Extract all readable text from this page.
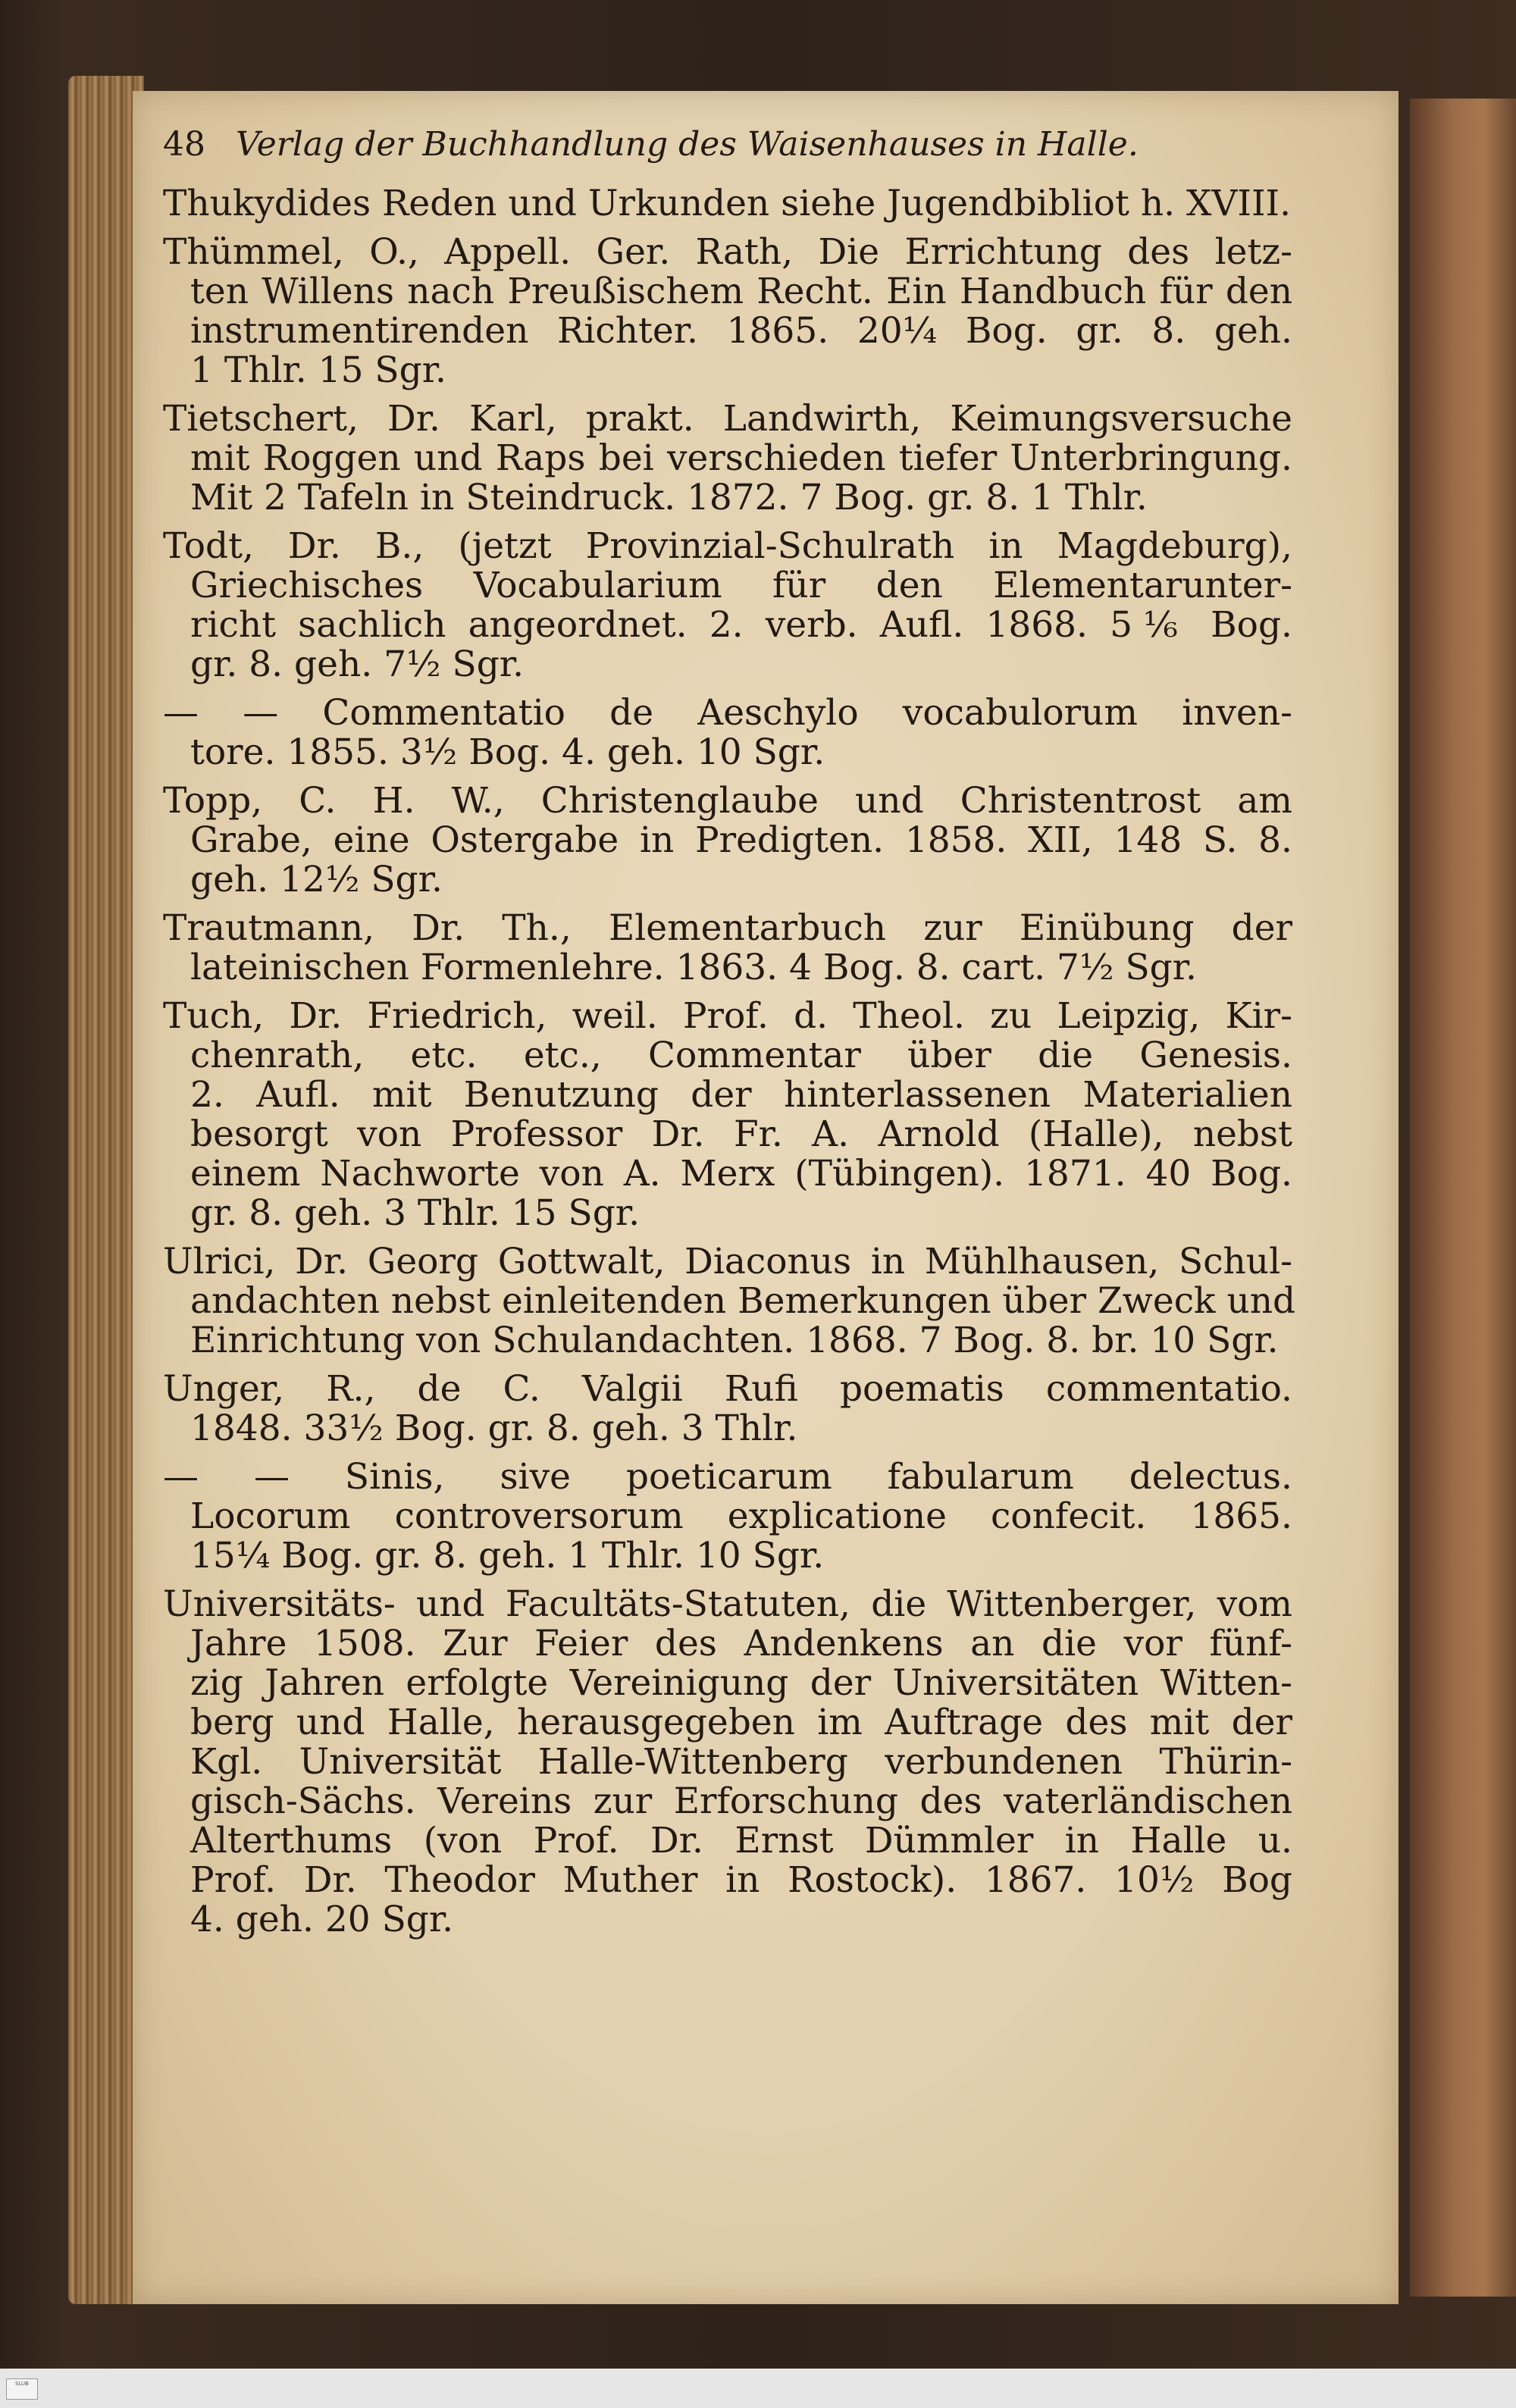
48 Verlag der Buchhandlung des Waisenhauses in Halle.
Thukydides Reden und Urkunden siehe Jugendbibliot h. XVIII.
Thümmel, O., Appell. Ger. Rath, Die Errichtung des letz-
ten Willens nach Preußischem Recht. Ein Handbuch für den
instrumentirenden Richter. 1865. 20¼ Bog. gr. 8. geh.
1 Thlr. 15 Sgr.
Tietschert, Dr. Karl, prakt. Landwirth, Keimungsversuche
mit Roggen und Raps bei verschieden tiefer Unterbringung.
Mit 2 Tafeln in Steindruck. 1872. 7 Bog. gr. 8. 1 Thlr.
Todt, Dr. B., (jetzt Provinzial-Schulrath in Magdeburg),
Griechisches Vocabularium für den Elementarunter-
richt sachlich angeordnet. 2. verb. Aufl. 1868. 5⅙ Bog.
gr. 8. geh. 7½ Sgr.
— — Commentatio de Aeschylo vocabulorum inven-
tore. 1855. 3½ Bog. 4. geh. 10 Sgr.
Topp, C. H. W., Christenglaube und Christentrost am
Grabe, eine Ostergabe in Predigten. 1858. XII, 148 S. 8.
geh. 12½ Sgr.
Trautmann, Dr. Th., Elementarbuch zur Einübung der
lateinischen Formenlehre. 1863. 4 Bog. 8. cart. 7½ Sgr.
Tuch, Dr. Friedrich, weil. Prof. d. Theol. zu Leipzig, Kir-
chenrath, etc. etc., Commentar über die Genesis.
2. Aufl. mit Benutzung der hinterlassenen Materialien
besorgt von Professor Dr. Fr. A. Arnold (Halle), nebst
einem Nachworte von A. Merx (Tübingen). 1871. 40 Bog.
gr. 8. geh. 3 Thlr. 15 Sgr.
Ulrici, Dr. Georg Gottwalt, Diaconus in Mühlhausen, Schul-
andachten nebst einleitenden Bemerkungen über Zweck und
Einrichtung von Schulandachten. 1868. 7 Bog. 8. br. 10 Sgr.
Unger, R., de C. Valgii Rufi poematis commentatio.
1848. 33½ Bog. gr. 8. geh. 3 Thlr.
— — Sinis, sive poeticarum fabularum delectus.
Locorum controversorum explicatione confecit. 1865.
15¼ Bog. gr. 8. geh. 1 Thlr. 10 Sgr.
Universitäts- und Facultäts-Statuten, die Wittenberger, vom
Jahre 1508. Zur Feier des Andenkens an die vor fünf-
zig Jahren erfolgte Vereinigung der Universitäten Witten-
berg und Halle, herausgegeben im Auftrage des mit der
Kgl. Universität Halle-Wittenberg verbundenen Thürin-
gisch-Sächs. Vereins zur Erforschung des vaterländischen
Alterthums (von Prof. Dr. Ernst Dümmler in Halle u.
Prof. Dr. Theodor Muther in Rostock). 1867. 10½ Bog
4. geh. 20 Sgr.
SLUB
